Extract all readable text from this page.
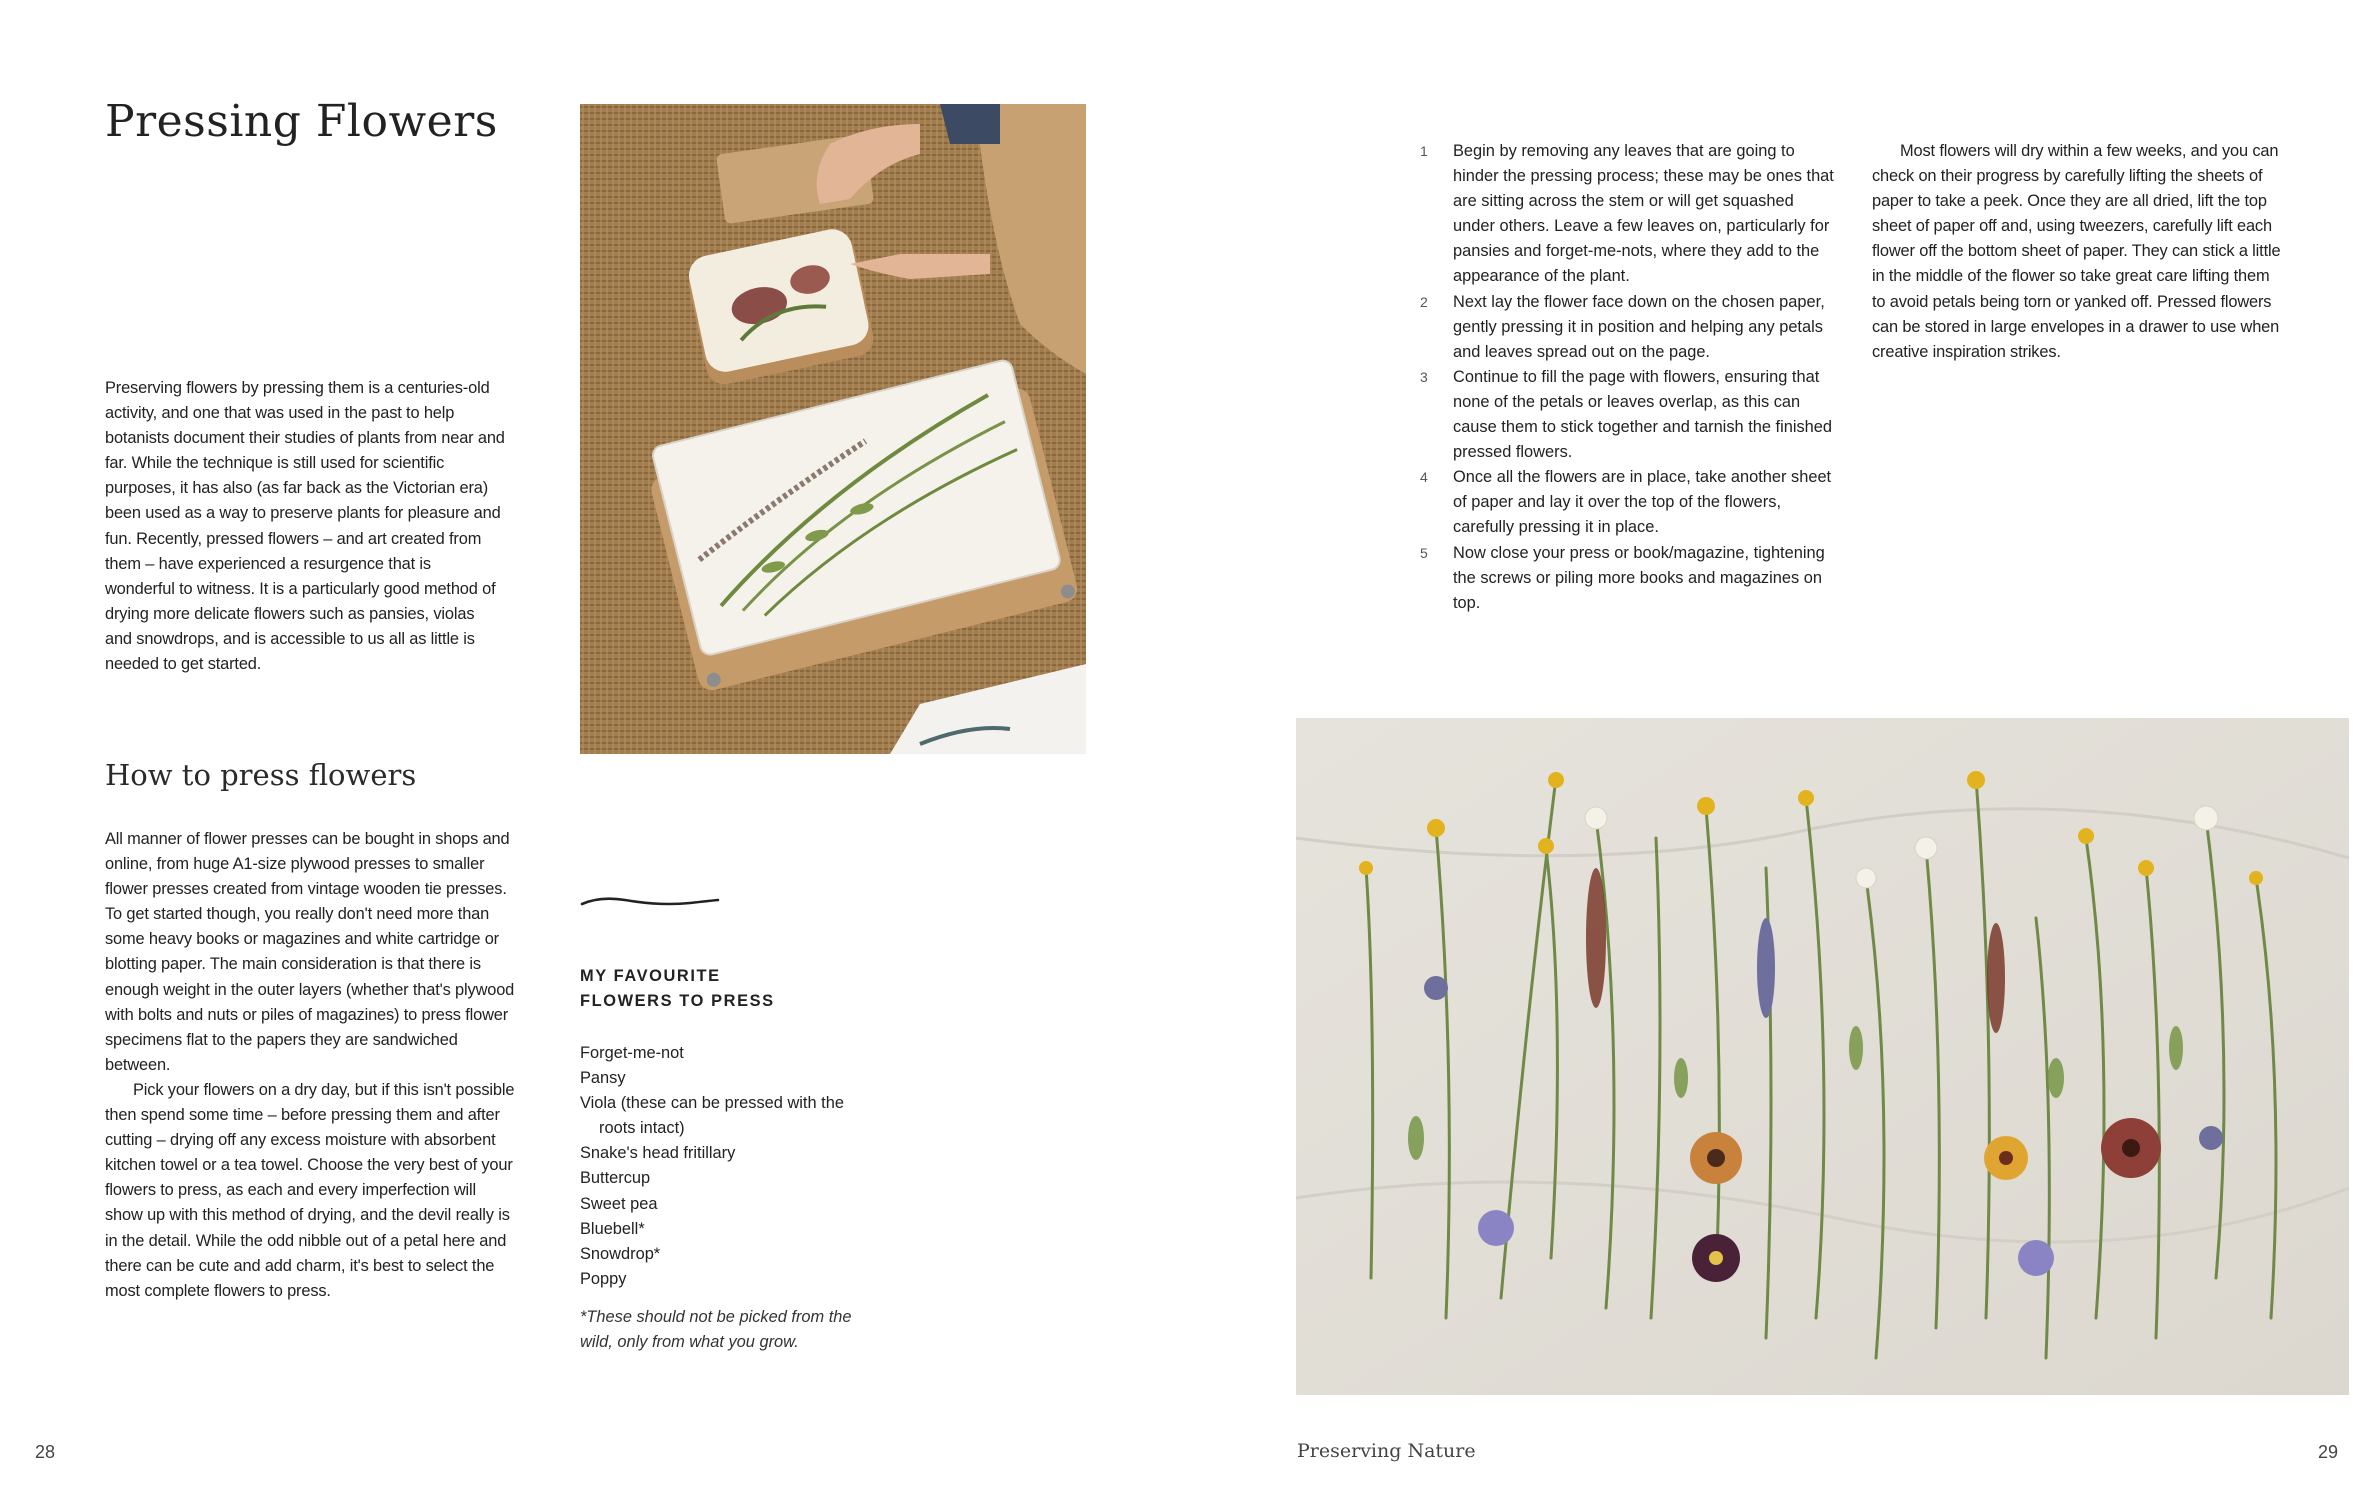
Pressing Flowers

Preserving flowers by pressing them is a centuries-old activity, and one that was used in the past to help botanists document their studies of plants from near and far. While the technique is still used for scientific purposes, it has also (as far back as the Victorian era) been used as a way to preserve plants for pleasure and fun. Recently, pressed flowers – and art created from them – have experienced a resurgence that is wonderful to witness. It is a particularly good method of drying more delicate flowers such as pansies, violas and snowdrops, and is accessible to us all as little is needed to get started.

How to press flowers

All manner of flower presses can be bought in shops and online, from huge A1-size plywood presses to smaller flower presses created from vintage wooden tie presses. To get started though, you really don't need more than some heavy books or magazines and white cartridge or blotting paper. The main consideration is that there is enough weight in the outer layers (whether that's plywood with bolts and nuts or piles of magazines) to press flower specimens flat to the papers they are sandwiched between.

Pick your flowers on a dry day, but if this isn't possible then spend some time – before pressing them and after cutting – drying off any excess moisture with absorbent kitchen towel or a tea towel. Choose the very best of your flowers to press, as each and every imperfection will show up with this method of drying, and the devil really is in the detail. While the odd nibble out of a petal here and there can be cute and add charm, it's best to select the most complete flowers to press.

MY FAVOURITE
FLOWERS TO PRESS
Forget-me-not
Pansy
Viola (these can be pressed with the roots intact)
Snake's head fritillary
Buttercup
Sweet pea
Bluebell*
Snowdrop*
Poppy

*These should not be picked from the wild, only from what you grow.

28
1 Begin by removing any leaves that are going to hinder the pressing process; these may be ones that are sitting across the stem or will get squashed under others. Leave a few leaves on, particularly for pansies and forget-me-nots, where they add to the appearance of the plant.
2 Next lay the flower face down on the chosen paper, gently pressing it in position and helping any petals and leaves spread out on the page.
3 Continue to fill the page with flowers, ensuring that none of the petals or leaves overlap, as this can cause them to stick together and tarnish the finished pressed flowers.
4 Once all the flowers are in place, take another sheet of paper and lay it over the top of the flowers, carefully pressing it in place.
5 Now close your press or book/magazine, tightening the screws or piling more books and magazines on top.

Most flowers will dry within a few weeks, and you can check on their progress by carefully lifting the sheets of paper to take a peek. Once they are all dried, lift the top sheet of paper off and, using tweezers, carefully lift each flower off the bottom sheet of paper. They can stick a little in the middle of the flower so take great care lifting them to avoid petals being torn or yanked off. Pressed flowers can be stored in large envelopes in a drawer to use when creative inspiration strikes.

Preserving Nature	29
